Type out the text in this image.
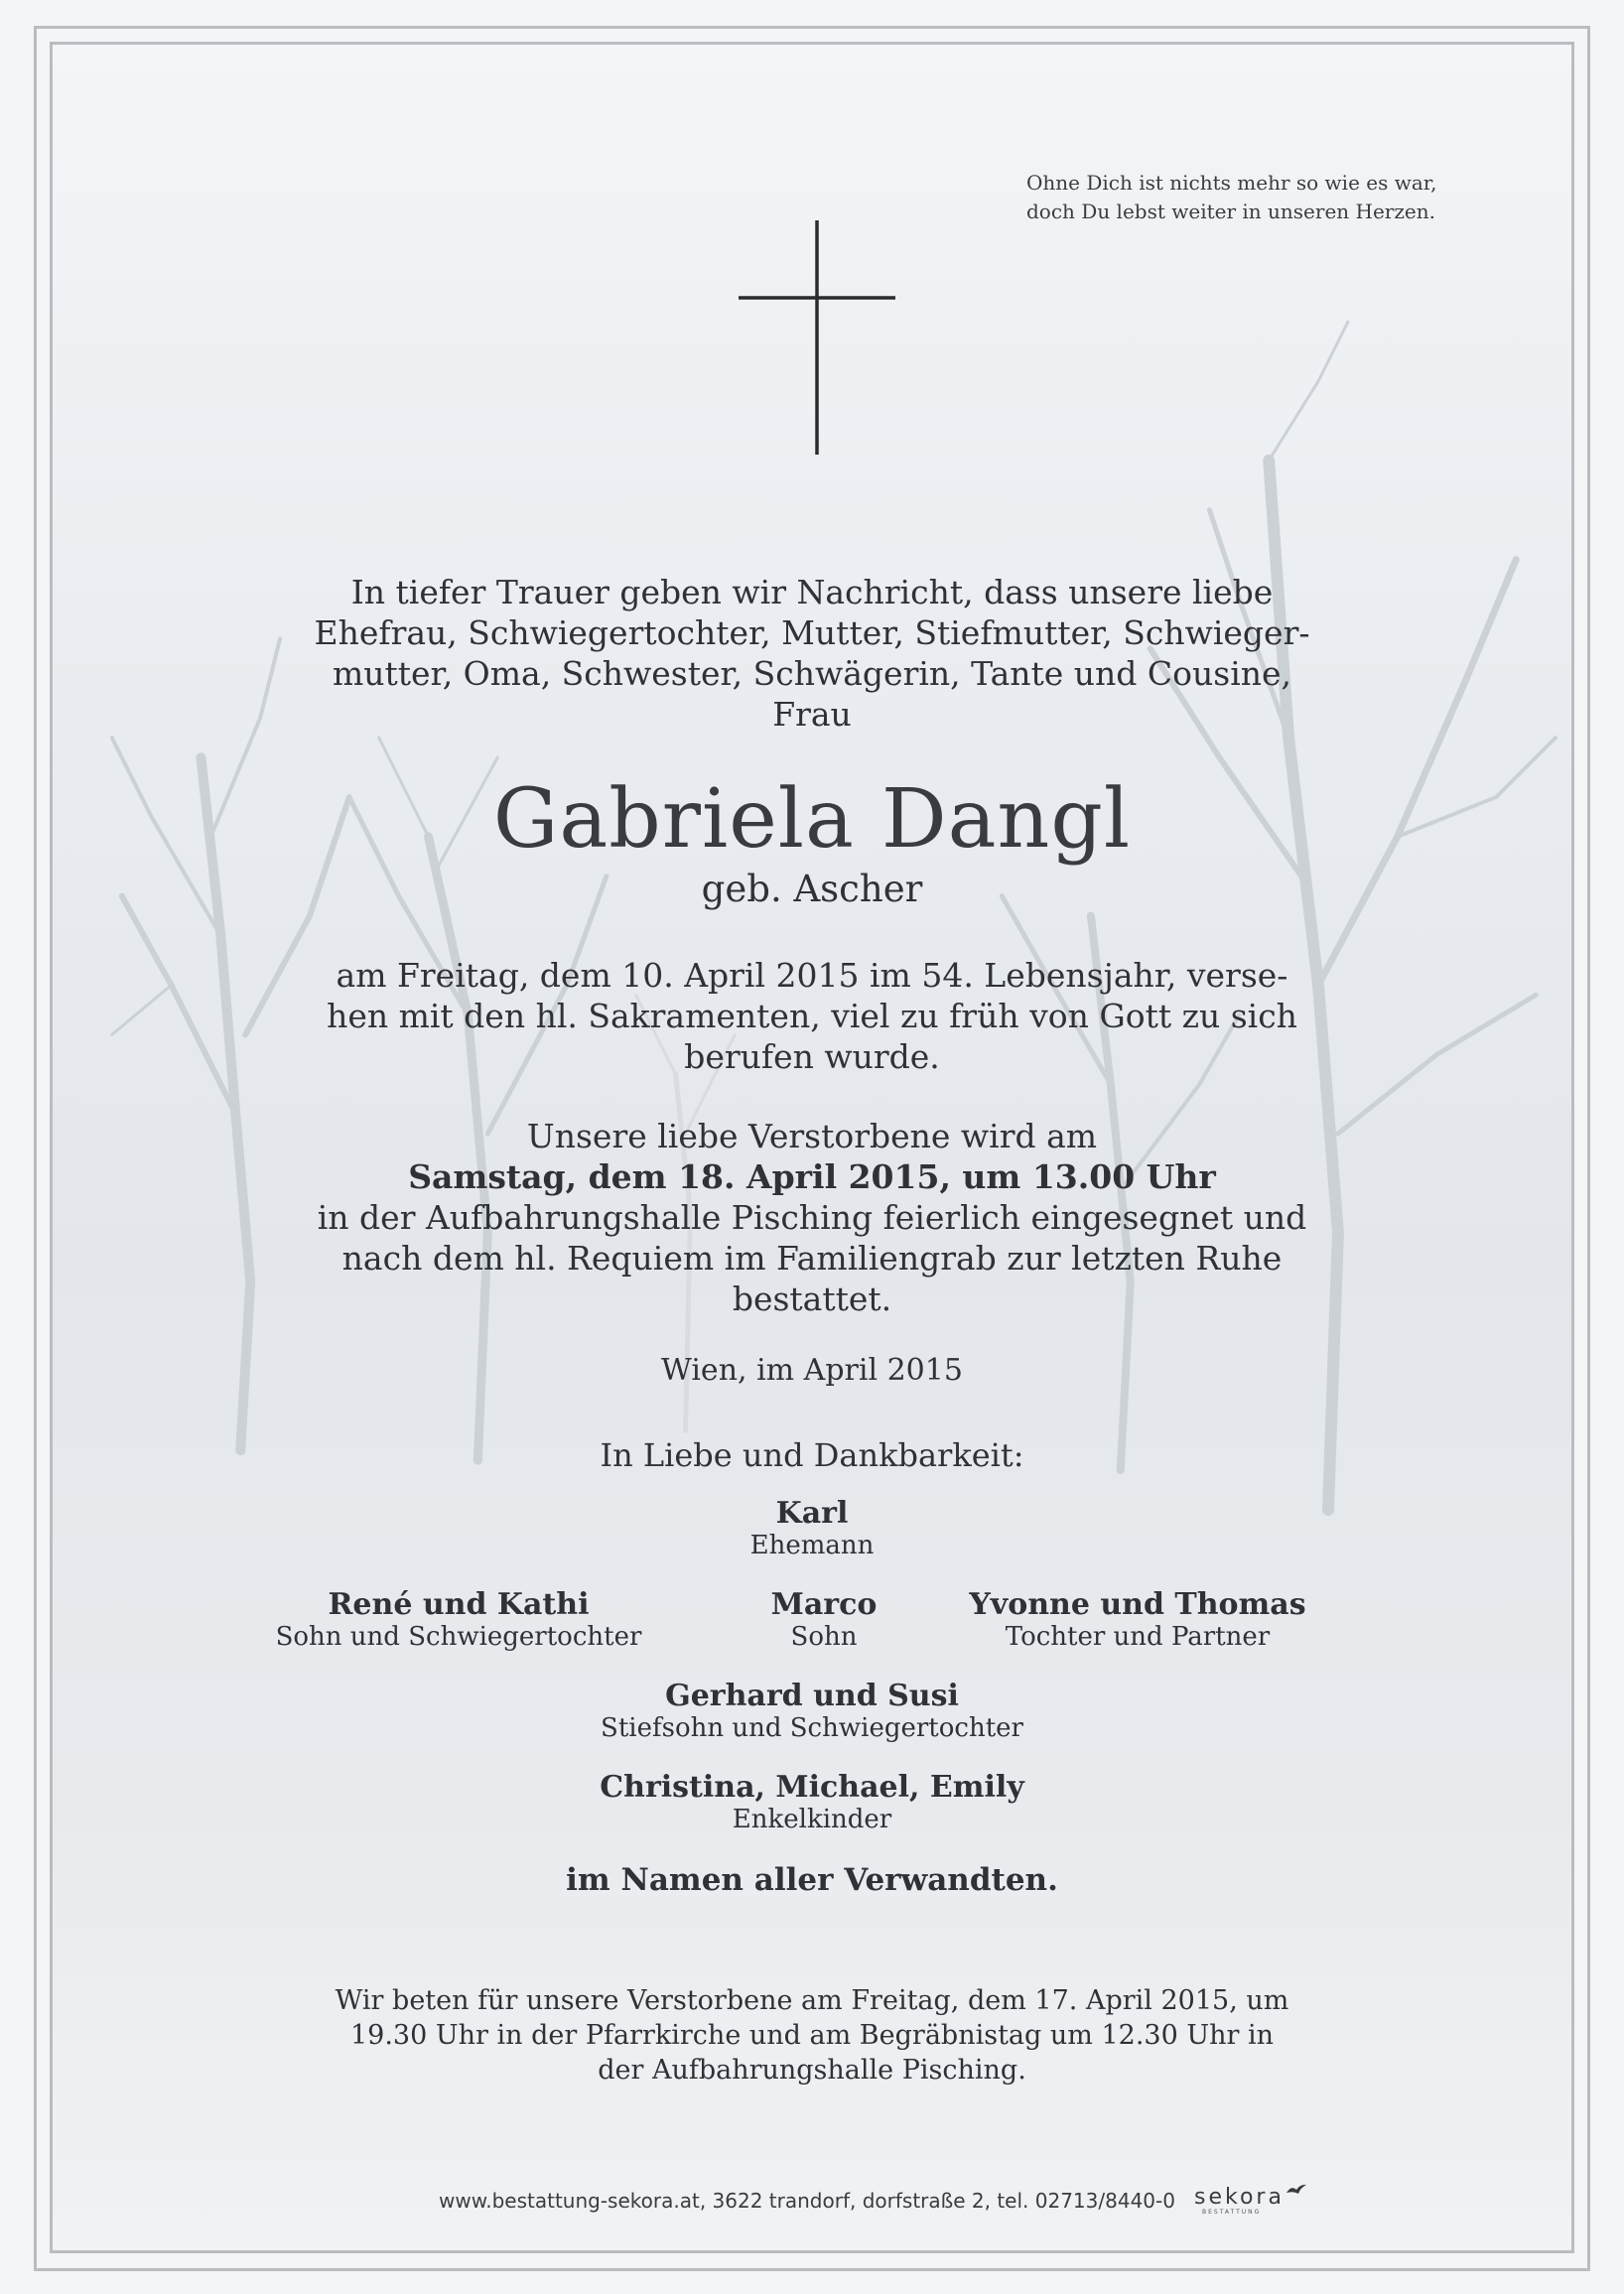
Ohne Dich ist nichts mehr so wie es war,
doch Du lebst weiter in unseren Herzen.
In tiefer Trauer geben wir Nachricht, dass unsere liebe
Ehefrau, Schwiegertochter, Mutter, Stiefmutter, Schwieger-
mutter, Oma, Schwester, Schwägerin, Tante und Cousine,
Frau
Gabriela Dangl
geb. Ascher
am Freitag, dem 10. April 2015 im 54. Lebensjahr, verse-
hen mit den hl. Sakramenten, viel zu früh von Gott zu sich
berufen wurde.
Unsere liebe Verstorbene wird am
Samstag, dem 18. April 2015, um 13.00 Uhr
in der Aufbahrungshalle Pisching feierlich eingesegnet und
nach dem hl. Requiem im Familiengrab zur letzten Ruhe
bestattet.
Wien, im April 2015
In Liebe und Dankbarkeit:
Karl
Ehemann
René und Kathi
Sohn und Schwiegertochter
Marco
Sohn
Yvonne und Thomas
Tochter und Partner
Gerhard und Susi
Stiefsohn und Schwiegertochter
Christina, Michael, Emily
Enkelkinder
im Namen aller Verwandten.
Wir beten für unsere Verstorbene am Freitag, dem 17. April 2015, um
19.30 Uhr in der Pfarrkirche und am Begräbnistag um 12.30 Uhr in
der Aufbahrungshalle Pisching.
www.bestattung-sekora.at, 3622 trandorf, dorfstraße 2, tel. 02713/8440-0 sekora
BESTATTUNG
